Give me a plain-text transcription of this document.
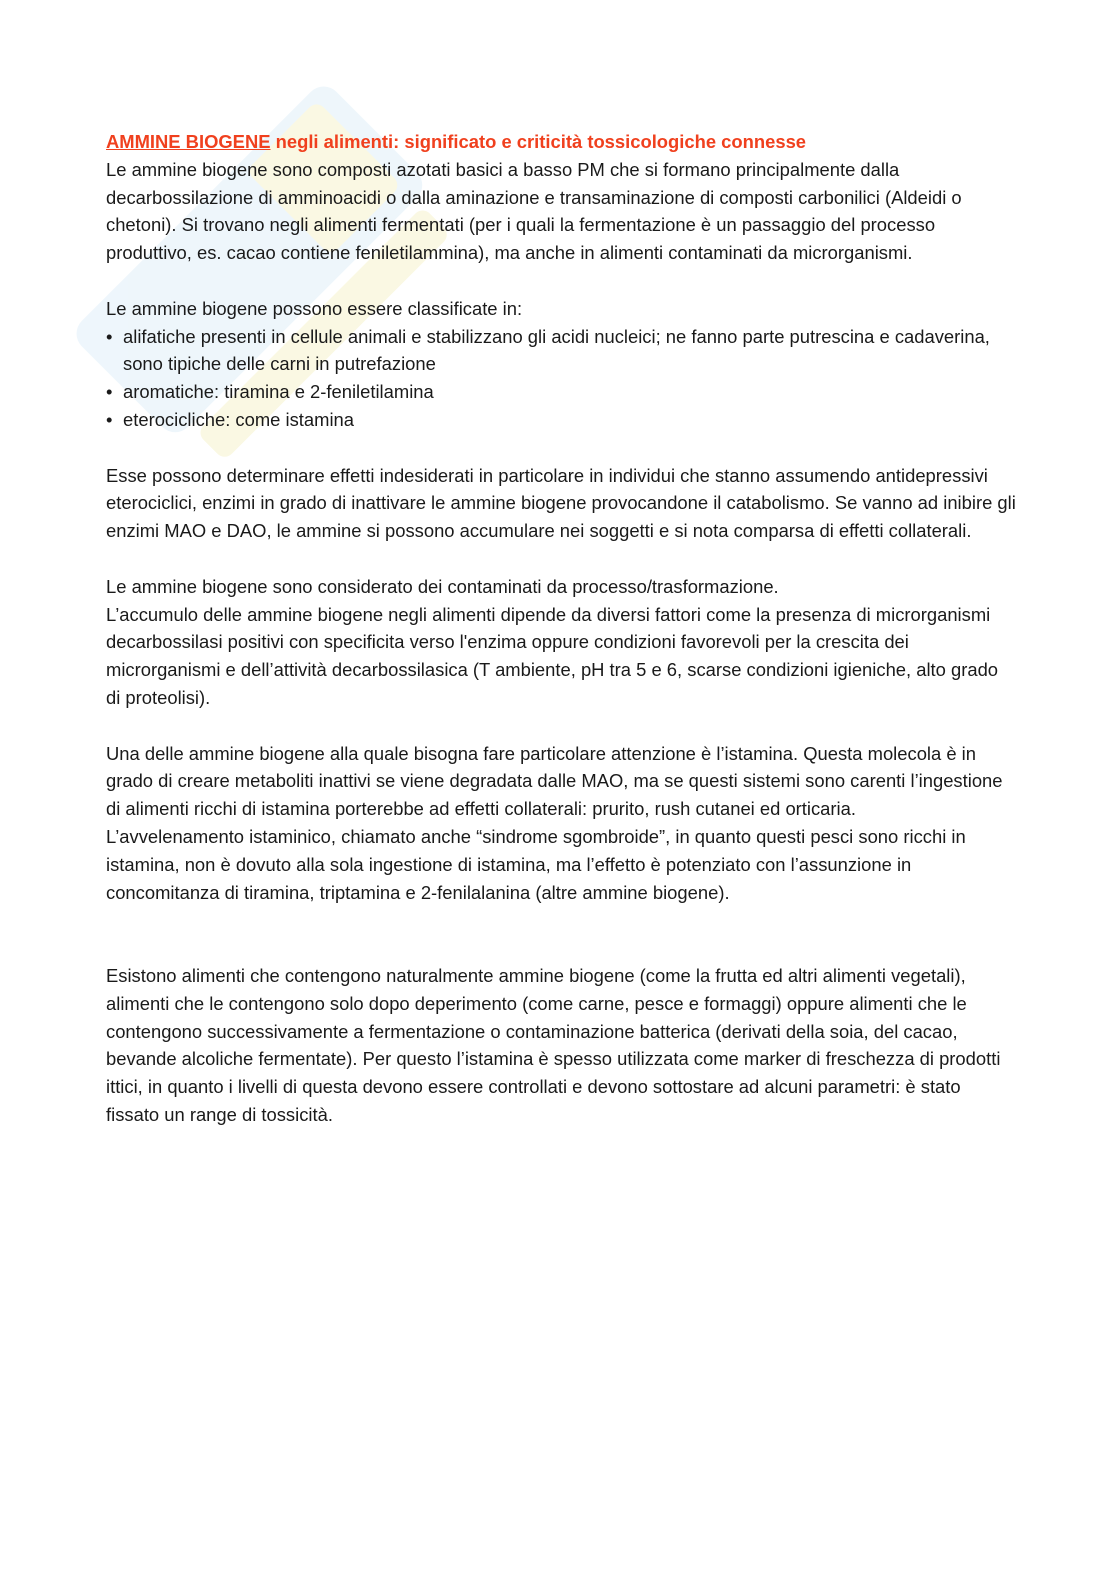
AMMINE BIOGENE negli alimenti: significato e criticità tossicologiche connesse

Le ammine biogene sono composti azotati basici a basso PM che si formano principalmente dalla decarbossilazione di amminoacidi o dalla aminazione e transaminazione di composti carbonilici (Aldeidi o chetoni). Si trovano negli alimenti fermentati (per i quali la fermentazione è un passaggio del processo produttivo, es. cacao contiene feniletilammina), ma anche in alimenti contaminati da microrganismi.

Le ammine biogene possono essere classificate in:

• alifatiche presenti in cellule animali e stabilizzano gli acidi nucleici; ne fanno parte putrescina e cadaverina, sono tipiche delle carni in putrefazione
• aromatiche: tiramina e 2-feniletilamina
• eterocicliche: come istamina

Esse possono determinare effetti indesiderati in particolare in individui che stanno assumendo antidepressivi eterociclici, enzimi in grado di inattivare le ammine biogene provocandone il catabolismo. Se vanno ad inibire gli enzimi MAO e DAO, le ammine si possono accumulare nei soggetti e si nota comparsa di effetti collaterali.

Le ammine biogene sono considerato dei contaminati da processo/trasformazione.

L’accumulo delle ammine biogene negli alimenti dipende da diversi fattori come la presenza di microrganismi decarbossilasi positivi con specificita verso l'enzima oppure condizioni favorevoli per la crescita dei microrganismi e dell’attività decarbossilasica (T ambiente, pH tra 5 e 6, scarse condizioni igieniche, alto grado di proteolisi).

Una delle ammine biogene alla quale bisogna fare particolare attenzione è l’istamina. Questa molecola è in grado di creare metaboliti inattivi se viene degradata dalle MAO, ma se questi sistemi sono carenti l’ingestione di alimenti ricchi di istamina porterebbe ad effetti collaterali: prurito, rush cutanei ed orticaria.

L’avvelenamento istaminico, chiamato anche “sindrome sgombroide”, in quanto questi pesci sono ricchi in istamina, non è dovuto alla sola ingestione di istamina, ma l’effetto è potenziato con l’assunzione in concomitanza di tiramina, triptamina e 2-fenilalanina (altre ammine biogene).

Esistono alimenti che contengono naturalmente ammine biogene (come la frutta ed altri alimenti vegetali), alimenti che le contengono solo dopo deperimento (come carne, pesce e formaggi) oppure alimenti che le contengono successivamente a fermentazione o contaminazione batterica (derivati della soia, del cacao, bevande alcoliche fermentate). Per questo l’istamina è spesso utilizzata come marker di freschezza di prodotti ittici, in quanto i livelli di questa devono essere controllati e devono sottostare ad alcuni parametri: è stato fissato un range di tossicità.
